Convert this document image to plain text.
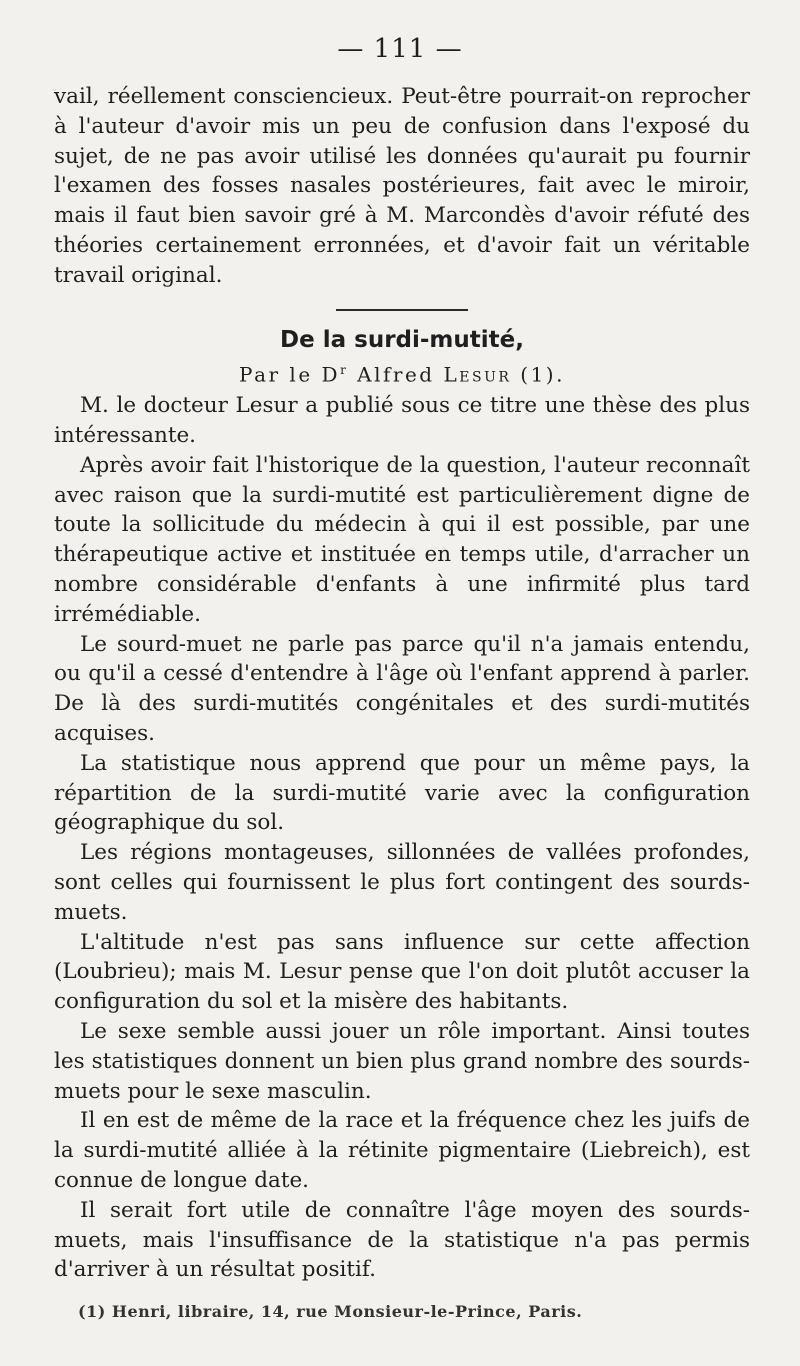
— 111 —

vail, réellement consciencieux. Peut-être pourrait-on reprocher à l'auteur d'avoir mis un peu de confusion dans l'exposé du sujet, de ne pas avoir utilisé les données qu'aurait pu fournir l'examen des fosses nasales postérieures, fait avec le miroir, mais il faut bien savoir gré à M. Marcondès d'avoir réfuté des théories certainement erronnées, et d'avoir fait un véritable travail original.

De la surdi-mutité,
Par le $D^r$ Alfred Lesur (1).

M. le docteur Lesur a publié sous ce titre une thèse des plus intéressante.

Après avoir fait l'historique de la question, l'auteur reconnaît avec raison que la surdi-mutité est particulièrement digne de toute la sollicitude du médecin à qui il est possible, par une thérapeutique active et instituée en temps utile, d'arracher un nombre considérable d'enfants à une infirmité plus tard irrémédiable.

Le sourd-muet ne parle pas parce qu'il n'a jamais entendu, ou qu'il a cessé d'entendre à l'âge où l'enfant apprend à parler. De là des surdi-mutités congénitales et des surdi-mutités acquises.

La statistique nous apprend que pour un même pays, la répartition de la surdi-mutité varie avec la configuration géographique du sol.

Les régions montageuses, sillonnées de vallées profondes, sont celles qui fournissent le plus fort contingent des sourds-muets.

L'altitude n'est pas sans influence sur cette affection (Loubrieu); mais M. Lesur pense que l'on doit plutôt accuser la configuration du sol et la misère des habitants.

Le sexe semble aussi jouer un rôle important. Ainsi toutes les statistiques donnent un bien plus grand nombre des sourds-muets pour le sexe masculin.

Il en est de même de la race et la fréquence chez les juifs de la surdi-mutité alliée à la rétinite pigmentaire (Liebreich), est connue de longue date.

Il serait fort utile de connaître l'âge moyen des sourds-muets, mais l'insuffisance de la statistique n'a pas permis d'arriver à un résultat positif.

(1) Henri, libraire, 14, rue Monsieur-le-Prince, Paris.
